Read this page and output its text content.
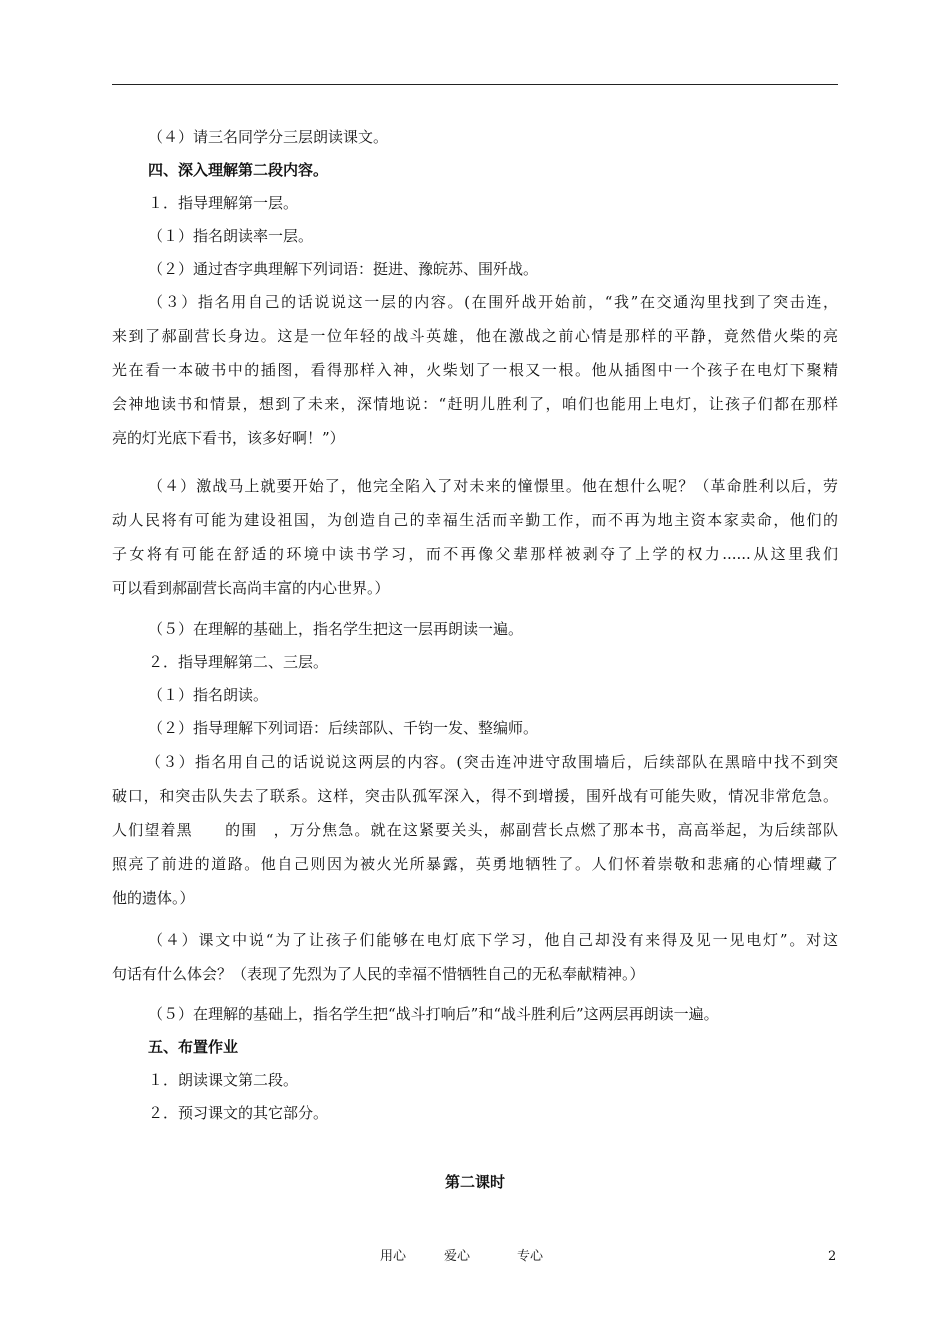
（４）请三名同学分三层朗读课文。
四、深入理解第二段内容。
１．指导理解第一层。
（１）指名朗读率一层。
（２）通过杳字典理解下列词语：挺进、豫皖苏、围歼战。
（３）指名用自己的话说说这一层的内容。(在围歼战开始前，“我”在交通沟里找到了突击连，
来到了郝副营长身边。这是一位年轻的战斗英雄，他在激战之前心情是那样的平静，竟然借火柴的亮
光在看一本破书中的插图，看得那样入神，火柴划了一根又一根。他从插图中一个孩子在电灯下聚精
会神地读书和情景，想到了未来，深情地说：“赶明儿胜利了，咱们也能用上电灯，让孩子们都在那样
亮的灯光底下看书，该多好啊！”）
（４）激战马上就要开始了，他完全陷入了对未来的憧憬里。他在想什么呢？（革命胜利以后，劳
动人民将有可能为建设祖国，为创造自己的幸福生活而辛勤工作，而不再为地主资本家卖命，他们的
子女将有可能在舒适的环境中读书学习，而不再像父辈那样被剥夺了上学的权力......从这里我们
可以看到郝副营长高尚丰富的内心世界。）
（５）在理解的基础上，指名学生把这一层再朗读一遍。
２．指导理解第二、三层。
（１）指名朗读。
（２）指导理解下列词语：后续部队、千钧一发、整编师。
（３）指名用自己的话说说这两层的内容。(突击连冲进守敌围墙后，后续部队在黑暗中找不到突
破口，和突击队失去了联系。这样，突击队孤军深入，得不到增援，围歼战有可能失败，情况非常危急。
人们望着黑　　的围　，万分焦急。就在这紧要关头，郝副营长点燃了那本书，高高举起，为后续部队
照亮了前进的道路。他自己则因为被火光所暴露，英勇地牺牲了。人们怀着崇敬和悲痛的心情埋藏了
他的遗体。）
（４）课文中说“为了让孩子们能够在电灯底下学习，他自己却没有来得及见一见电灯”。对这
句话有什么体会？（表现了先烈为了人民的幸福不惜牺牲自己的无私奉献精神。）
（５）在理解的基础上，指名学生把“战斗打响后”和“战斗胜利后”这两层再朗读一遍。
五、布置作业
１．朗读课文第二段。
２．预习课文的其它部分。
第二课时
用心	爱心	专心	2
